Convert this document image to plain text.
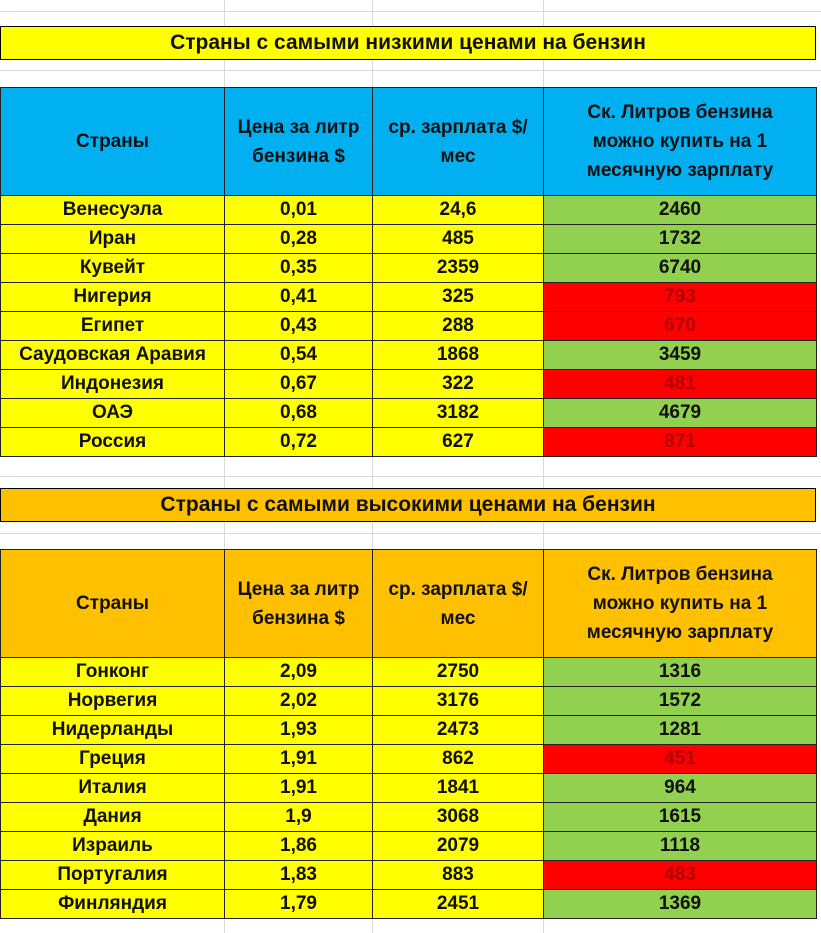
Страны с самыми низкими ценами на бензин
Страны	Цена за литр бензина $	ср. зарплата $/мес	Ск. Литров бензина можно купить на 1 месячную зарплату
Венесуэла	0,01	24,6	2460
Иран	0,28	485	1732
Кувейт	0,35	2359	6740
Нигерия	0,41	325	793
Египет	0,43	288	670
Саудовская Аравия	0,54	1868	3459
Индонезия	0,67	322	481
ОАЭ	0,68	3182	4679
Россия	0,72	627	871
Страны с самыми высокими ценами на бензин
Страны	Цена за литр бензина $	ср. зарплата $/мес	Ск. Литров бензина можно купить на 1 месячную зарплату
Гонконг	2,09	2750	1316
Норвегия	2,02	3176	1572
Нидерланды	1,93	2473	1281
Греция	1,91	862	451
Италия	1,91	1841	964
Дания	1,9	3068	1615
Израиль	1,86	2079	1118
Португалия	1,83	883	483
Финляндия	1,79	2451	1369
